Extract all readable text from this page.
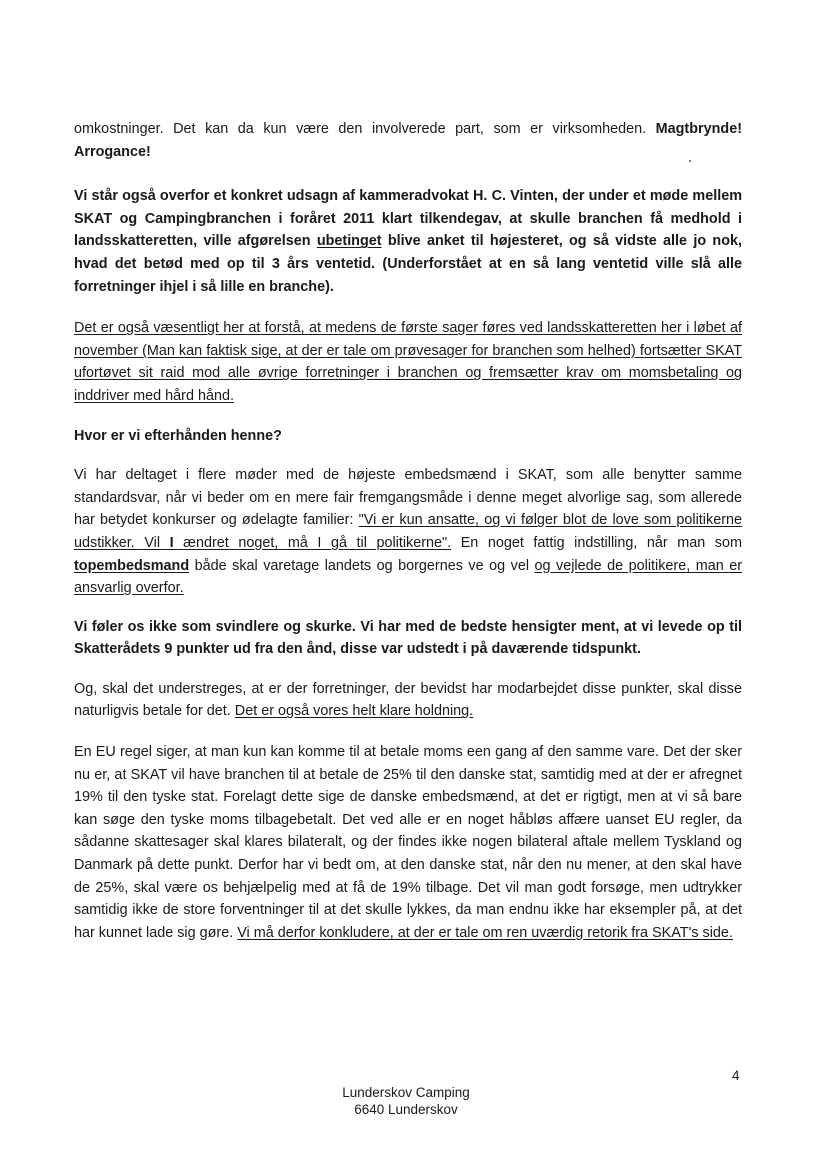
omkostninger. Det kan da kun være den involverede part, som er virksomheden. Magtbrynde! Arrogance!

Vi står også overfor et konkret udsagn af kammeradvokat H. C. Vinten, der under et møde mellem SKAT og Campingbranchen i foråret 2011 klart tilkendegav, at skulle branchen få medhold i landsskatteretten, ville afgørelsen ubetinget blive anket til højesteret, og så vidste alle jo nok, hvad det betød med op til 3 års ventetid. (Underforstået at en så lang ventetid ville slå alle forretninger ihjel i så lille en branche).

Det er også væsentligt her at forstå, at medens de første sager føres ved landsskatteretten her i løbet af november (Man kan faktisk sige, at der er tale om prøvesager for branchen som helhed) fortsætter SKAT ufortøvet sit raid mod alle øvrige forretninger i branchen og fremsætter krav om momsbetaling og inddriver med hård hånd.

Hvor er vi efterhånden henne?

Vi har deltaget i flere møder med de højeste embedsmænd i SKAT, som alle benytter samme standardsvar, når vi beder om en mere fair fremgangsmåde i denne meget alvorlige sag, som allerede har betydet konkurser og ødelagte familier: "Vi er kun ansatte, og vi følger blot de love som politikerne udstikker. Vil I ændret noget, må I gå til politikerne". En noget fattig indstilling, når man som topembedsmand både skal varetage landets og borgernes ve og vel og vejlede de politikere, man er ansvarlig overfor.

Vi føler os ikke som svindlere og skurke. Vi har med de bedste hensigter ment, at vi levede op til Skatterådets 9 punkter ud fra den ånd, disse var udstedt i på daværende tidspunkt.

Og, skal det understreges, at er der forretninger, der bevidst har modarbejdet disse punkter, skal disse naturligvis betale for det. Det er også vores helt klare holdning.

En EU regel siger, at man kun kan komme til at betale moms een gang af den samme vare. Det der sker nu er, at SKAT vil have branchen til at betale de 25% til den danske stat, samtidig med at der er afregnet 19% til den tyske stat. Forelagt dette sige de danske embedsmænd, at det er rigtigt, men at vi så bare kan søge den tyske moms tilbagebetalt. Det ved alle er en noget håbløs affære uanset EU regler, da sådanne skattesager skal klares bilateralt, og der findes ikke nogen bilateral aftale mellem Tyskland og Danmark på dette punkt. Derfor har vi bedt om, at den danske stat, når den nu mener, at den skal have de 25%, skal være os behjælpelig med at få de 19% tilbage. Det vil man godt forsøge, men udtrykker samtidig ikke de store forventninger til at det skulle lykkes, da man endnu ikke har eksempler på, at det har kunnet lade sig gøre. Vi må derfor konkludere, at der er tale om ren uværdig retorik fra SKAT's side.

4
Lunderskov Camping
6640 Lunderskov
